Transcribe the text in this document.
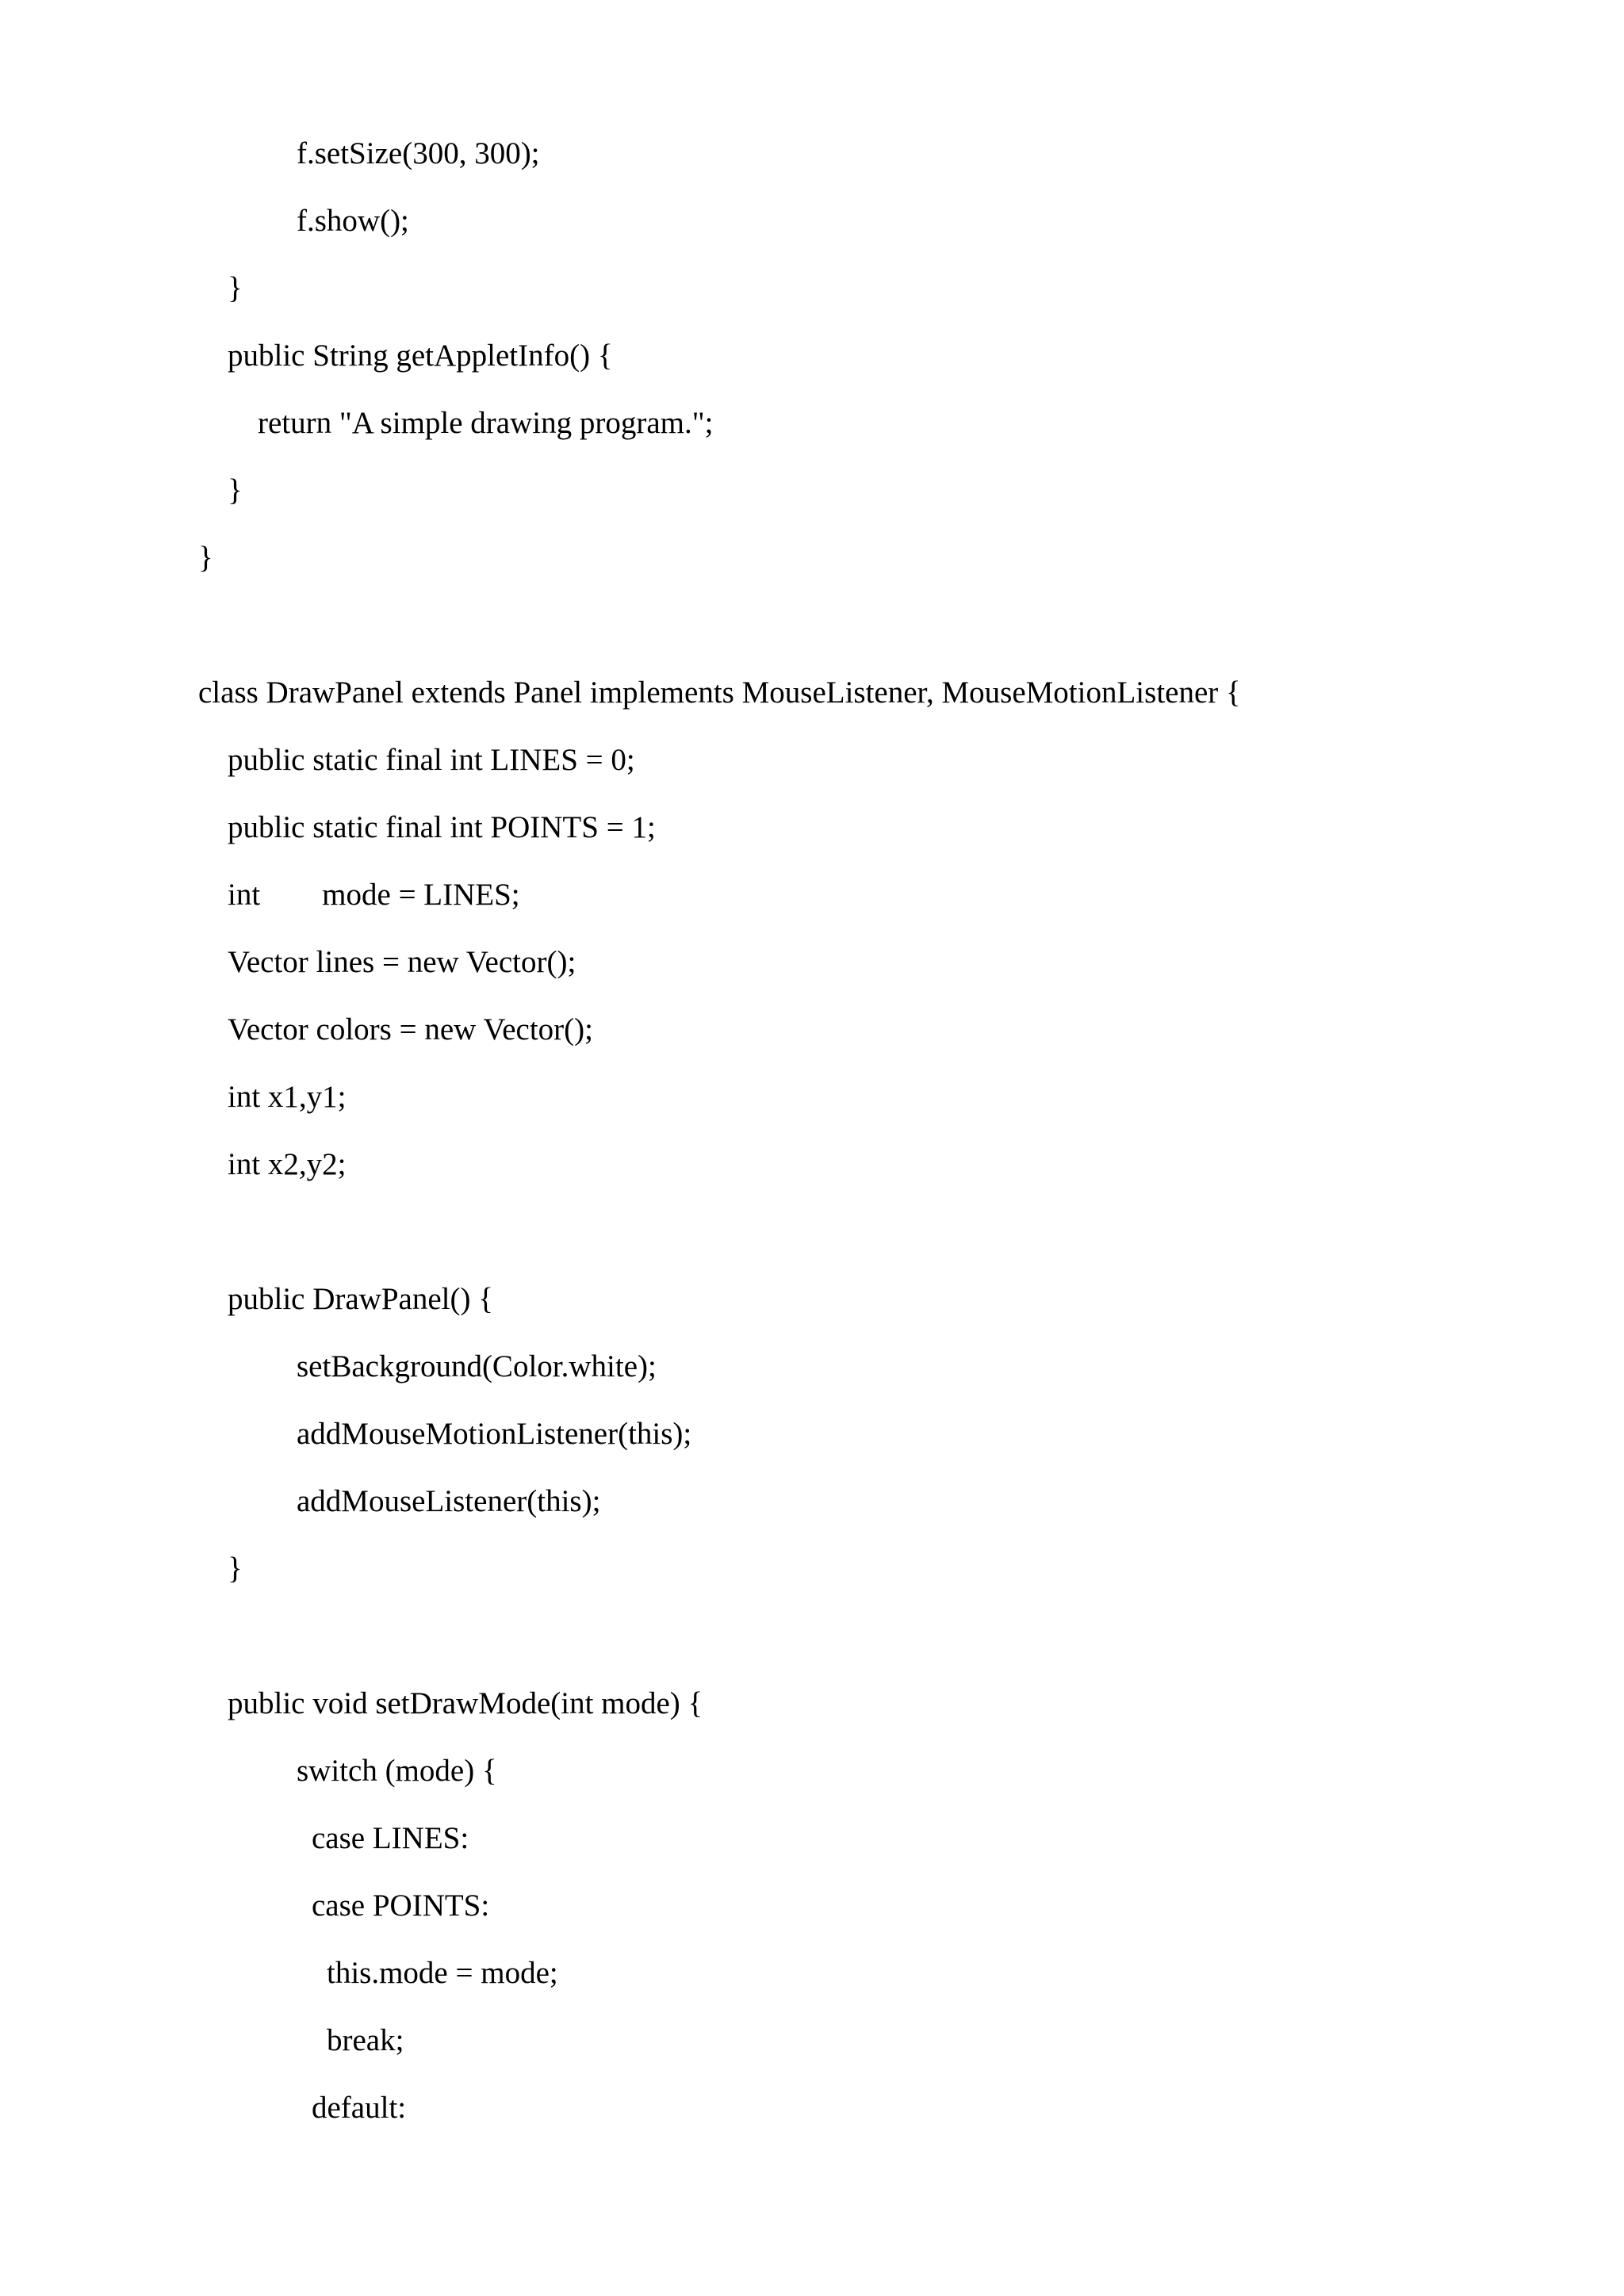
f.setSize(300, 300);

f.show();

}

public String getAppletInfo() {

return "A simple drawing program.";

}

}

class DrawPanel extends Panel implements MouseListener, MouseMotionListener {

public static final int LINES = 0;

public static final int POINTS = 1;

int        mode = LINES;

Vector lines = new Vector();

Vector colors = new Vector();

int x1,y1;

int x2,y2;

public DrawPanel() {

setBackground(Color.white);

addMouseMotionListener(this);

addMouseListener(this);

}

public void setDrawMode(int mode) {

switch (mode) {

case LINES:

case POINTS:

this.mode = mode;

break;

default:
